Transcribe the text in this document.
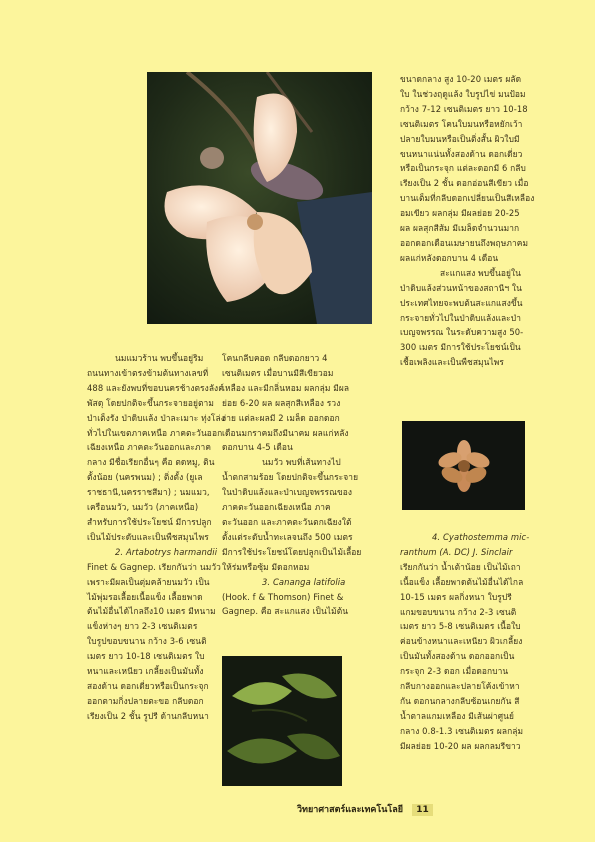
นมแมวร้าน พบขึ้นอยู่ริม

ถนนทางเข้าตรงข้ามต้นทางเลขที่

488 และยังพบที่ขอบนครช้างตรงลังค์

พัสดุ โดยปกติจะขึ้นกระจายอยู่ตาม

ป่าเต็งรัง ป่าดิบแล้ง ป่าละเมาะ ทุ่งโล่ง

ทั่วไปในเขตภาคเหนือ ภาคตะวันออก

เฉียงเหนือ ภาคตะวันออกและภาค

กลาง มีชื่อเรียกอื่นๆ คือ ตดหมู, ติน

ตั้งน้อย (นครพนม) ; ติ่งตั้ง (ยูเล

ราชธานี,นครราชสีมา) ; นมแมว,

เครือนมวัว, นมวัว (ภาคเหนือ)

สำหรับการใช้ประโยชน์ มีการปลูก

เป็นไม้ประดับและเป็นพืชสมุนไพร

2. Artabotrys harmandii

Finet & Gagnep. เรียกกันว่า นมวัว

เพราะมีผลเป็นตุ่มคล้ายนมวัว เป็น

ไม้พุ่มรอเลื้อยเนื้อแข็ง เลื้อยพาด

ต้นไม้อื่นได้ไกลถึง10 เมตร มีหนาม

แข็งห่างๆ ยาว 2-3 เซนติเมตร

ใบรูปขอบขนาน กว้าง 3-6 เซนติ

เมตร ยาว 10-18 เซนติเมตร ใบ

หนาและเหนียว เกลี้ยงเป็นมันทั้ง

สองด้าน ดอกเดี่ยวหรือเป็นกระจุก

ออกตามกิ่งปลายตะขอ กลีบดอก

เรียงเป็น 2 ชั้น รูปรี ด้านกลีบหนา

โคนกลีบคอด กลีบดอกยาว 4

เซนติเมตร เมื่อบานมีสีเขียวอม

เหลือง และมีกลิ่นหอม ผลกลุ่ม มีผล

ย่อย 6-20 ผล ผลสุกสีเหลือง รวง

ง่าย แต่ละผลมี 2 เมล็ด ออกดอก

เดือนมกราคมถึงมีนาคม ผลแก่หลัง

ดอกบาน 4-5 เดือน

นมวัว พบที่เส้นทางไป

น้ำตกสามร้อย โดยปกติจะขึ้นกระจาย

ในป่าดิบแล้งและป่าเบญจพรรณของ

ภาคตะวันออกเฉียงเหนือ ภาค

ตะวันออก และภาคตะวันตกเฉียงใต้

ตั้งแต่ระดับน้ำทะเลจนถึง 500 เมตร

มีการใช้ประโยชน์โดยปลูกเป็นไม้เลื้อย

ให้ร่มหรือซุ้ม มีดอกหอม

3. Cananga latifolia

(Hook. f & Thomson) Finet &

Gagnep. คือ สะแกแสง เป็นไม้ต้น

ขนาดกลาง สูง 10-20 เมตร ผลัด

ใบ ในช่วงฤดูแล้ง ใบรูปไข่ มนป้อม

กว้าง 7-12 เซนติเมตร ยาว 10-18

เซนติเมตร โคนใบมนหรือหยักเว้า

ปลายใบมนหรือเป็นติ่งสั้น ผิวใบมี

ขนหนาแน่นทั้งสองด้าน ดอกเดี่ยว

หรือเป็นกระจุก แต่ละดอกมี 6 กลีบ

เรียงเป็น 2 ชั้น ดอกอ่อนสีเขียว เมื่อ

บานเต็มที่กลีบดอกเปลี่ยนเป็นสีเหลือง

อมเขียว ผลกลุ่ม มีผลย่อย 20-25

ผล ผลสุกสีส้ม มีเมล็ดจำนวนมาก

ออกดอกเดือนเมษายนถึงพฤษภาคม

ผลแก่หลังดอกบาน 4 เดือน

สะแกแสง พบขึ้นอยู่ใน

ป่าดิบแล้งส่วนหน้าของสถานีฯ ใน

ประเทศไทยจะพบต้นสะแกแสงขึ้น

กระจายทั่วไปในป่าดิบแล้งและป่า

เบญจพรรณ ในระดับความสูง 50-

300 เมตร มีการใช้ประโยชน์เป็น

เชื้อเพลิงและเป็นพืชสมุนไพร

4. Cyathostemma mic-

ranthum (A. DC) J. Sinclair

เรียกกันว่า น้ำเต้าน้อย เป็นไม้เถา

เนื้อแข็ง เลื้อยพาดต้นไม้อื่นได้ไกล

10-15 เมตร ผลกิ่งหนา ใบรูปรี

แกมขอบขนาน กว้าง 2-3 เซนติ

เมตร ยาว 5-8 เซนติเมตร เนื้อใบ

ค่อนข้างหนาและเหนียว ผิวเกลี้ยง

เป็นมันทั้งสองด้าน ดอกออกเป็น

กระจุก 2-3 ดอก เมื่อดอกบาน

กลีบกางออกและปลายโค้งเข้าหา

กัน ดอกนกลางกลีบซ้อนเกยกัน สี

น้ำตาลแกมเหลือง มีเส้นผ่าศูนย์

กลาง 0.8-1.3 เซนติเมตร ผลกลุ่ม

มีผลย่อย 10-20 ผล ผลกลมรีขาว

วิทยาศาสตร์และเทคโนโลยี 11
